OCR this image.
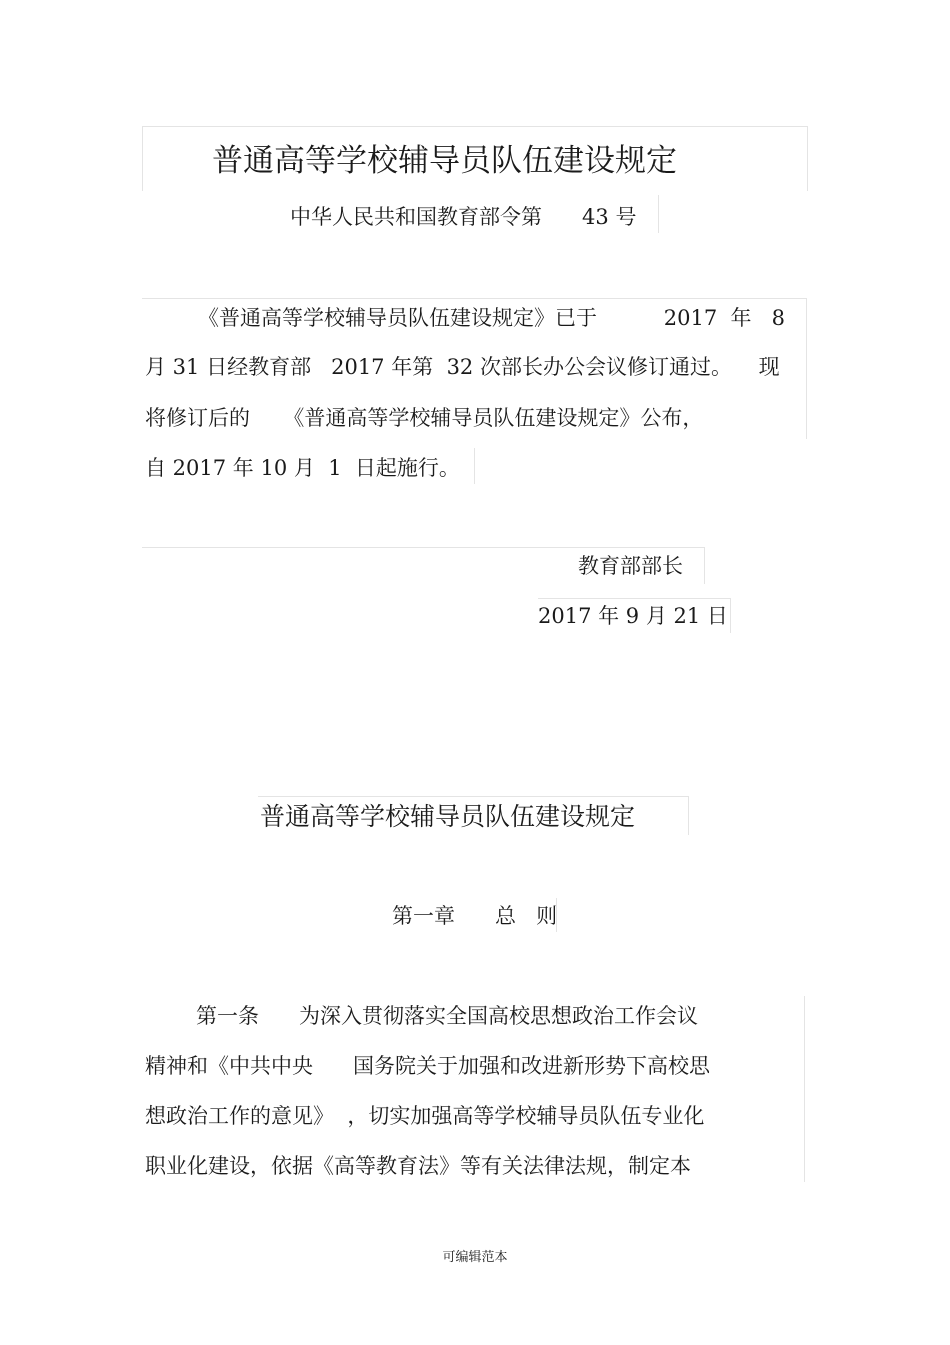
普通高等学校辅导员队伍建设规定
中华人民共和国教育部令第      43 号
《普通高等学校辅导员队伍建设规定》已于          2017  年   8
月 31 日经教育部   2017 年第  32 次部长办公会议修订通过。    现
将修订后的     《普通高等学校辅导员队伍建设规定》公布，
自 2017 年 10 月  1  日起施行。
教育部部长
2017 年 9 月 21 日
普通高等学校辅导员队伍建设规定
第一章      总   则
第一条      为深入贯彻落实全国高校思想政治工作会议
精神和《中共中央      国务院关于加强和改进新形势下高校思
想政治工作的意见》  ，切实加强高等学校辅导员队伍专业化
职业化建设，依据《高等教育法》等有关法律法规，制定本
可编辑范本
